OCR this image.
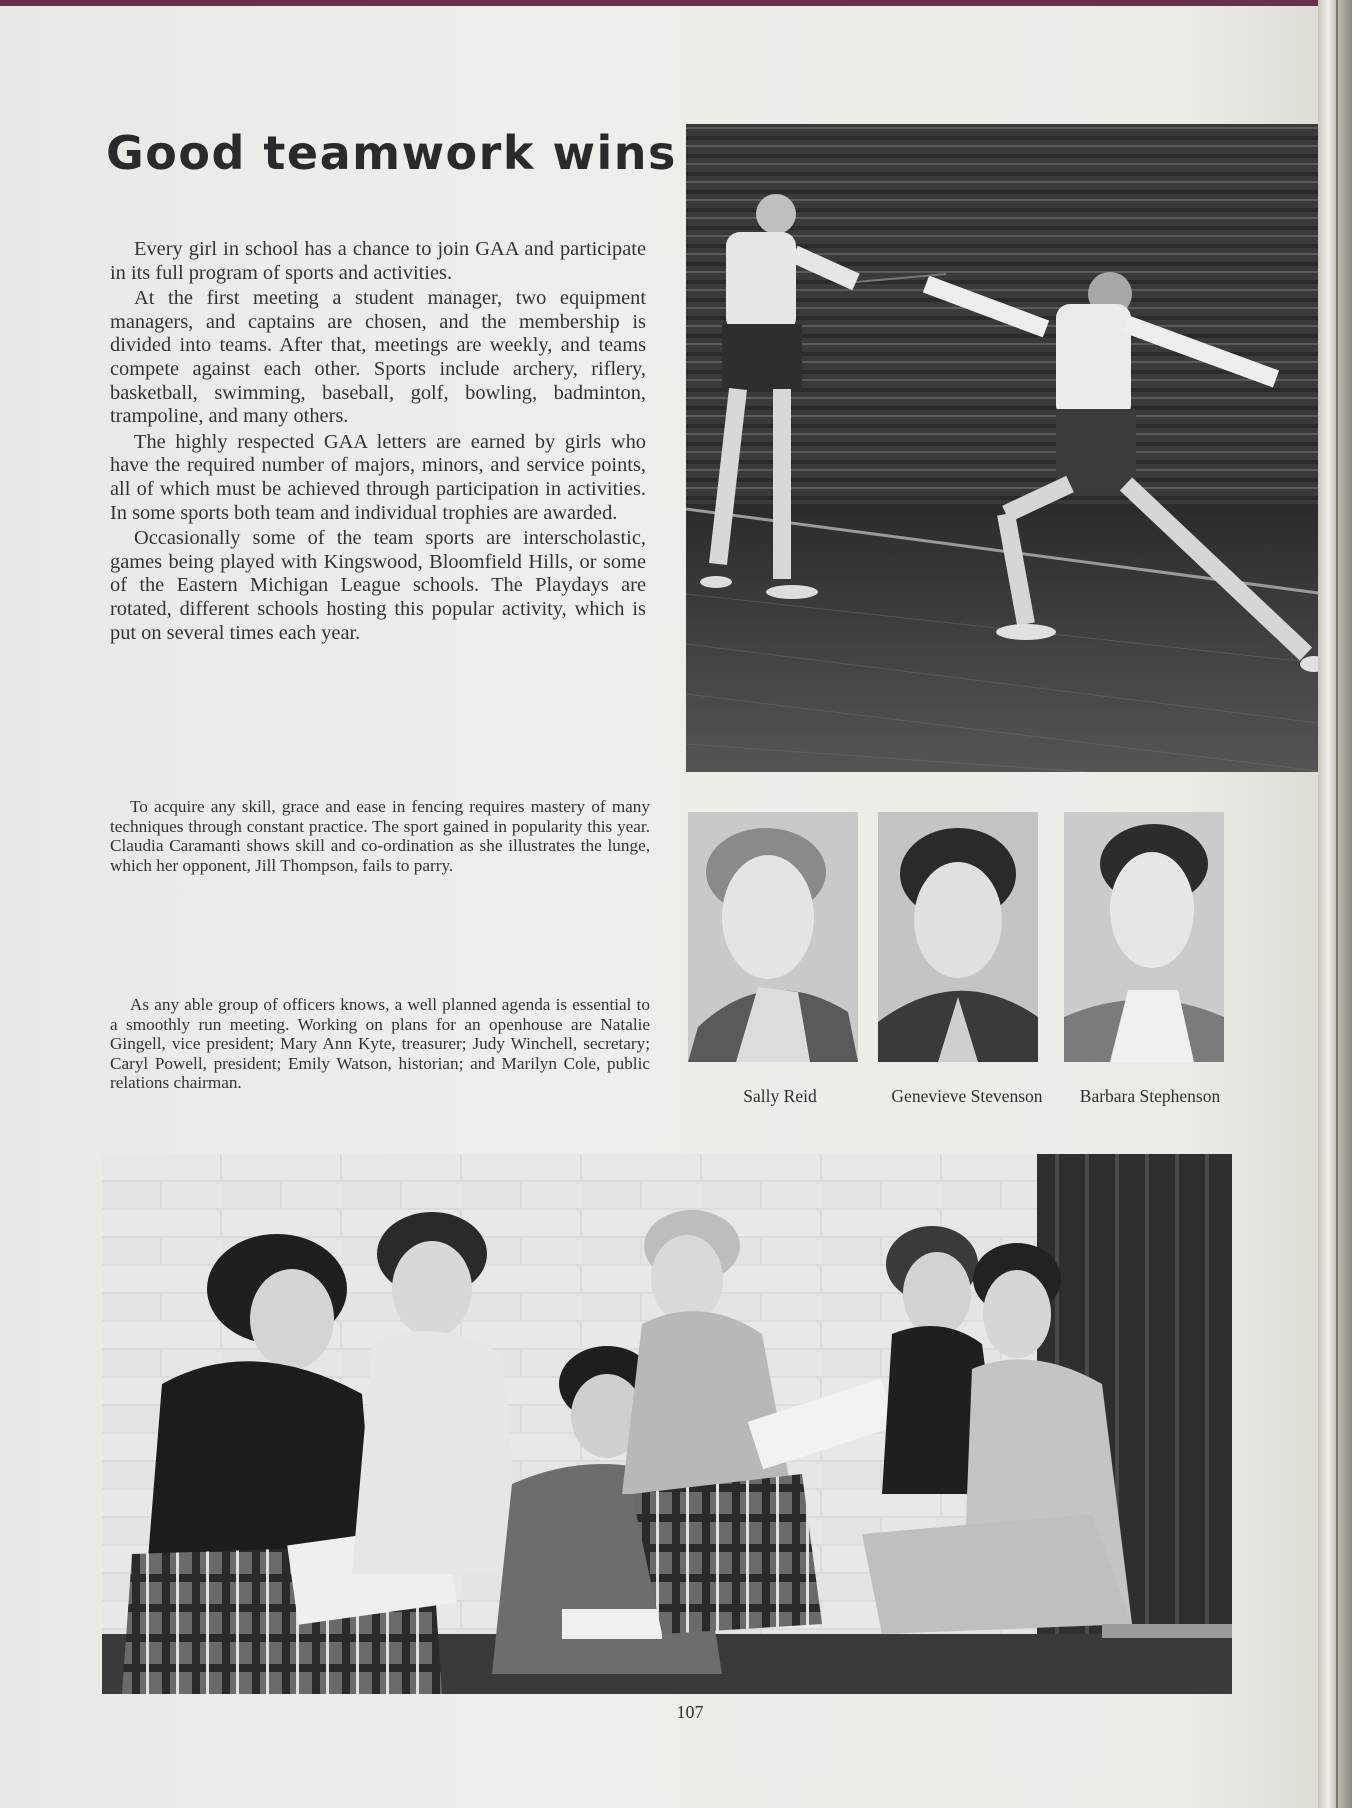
Good teamwork wins

Every girl in school has a chance to join GAA and participate in its full program of sports and activities.

At the first meeting a student manager, two equipment managers, and captains are chosen, and the membership is divided into teams. After that, meetings are weekly, and teams compete against each other. Sports include archery, riflery, basketball, swimming, baseball, golf, bowling, badminton, trampoline, and many others.

The highly respected GAA letters are earned by girls who have the required number of majors, minors, and service points, all of which must be achieved through participation in activities. In some sports both team and individual trophies are awarded.

Occasionally some of the team sports are interscholastic, games being played with Kingswood, Bloomfield Hills, or some of the Eastern Michigan League schools. The Playdays are rotated, different schools hosting this popular activity, which is put on several times each year.

To acquire any skill, grace and ease in fencing requires mastery of many techniques through constant practice. The sport gained in popularity this year. Claudia Caramanti shows skill and co-ordination as she illustrates the lunge, which her opponent, Jill Thompson, fails to parry.

As any able group of officers knows, a well planned agenda is essential to a smoothly run meeting. Working on plans for an openhouse are Natalie Gingell, vice president; Mary Ann Kyte, treasurer; Judy Winchell, secretary; Caryl Powell, president; Emily Watson, historian; and Marilyn Cole, public relations chairman.

Sally Reid	Genevieve Stevenson	Barbara Stephenson
107
